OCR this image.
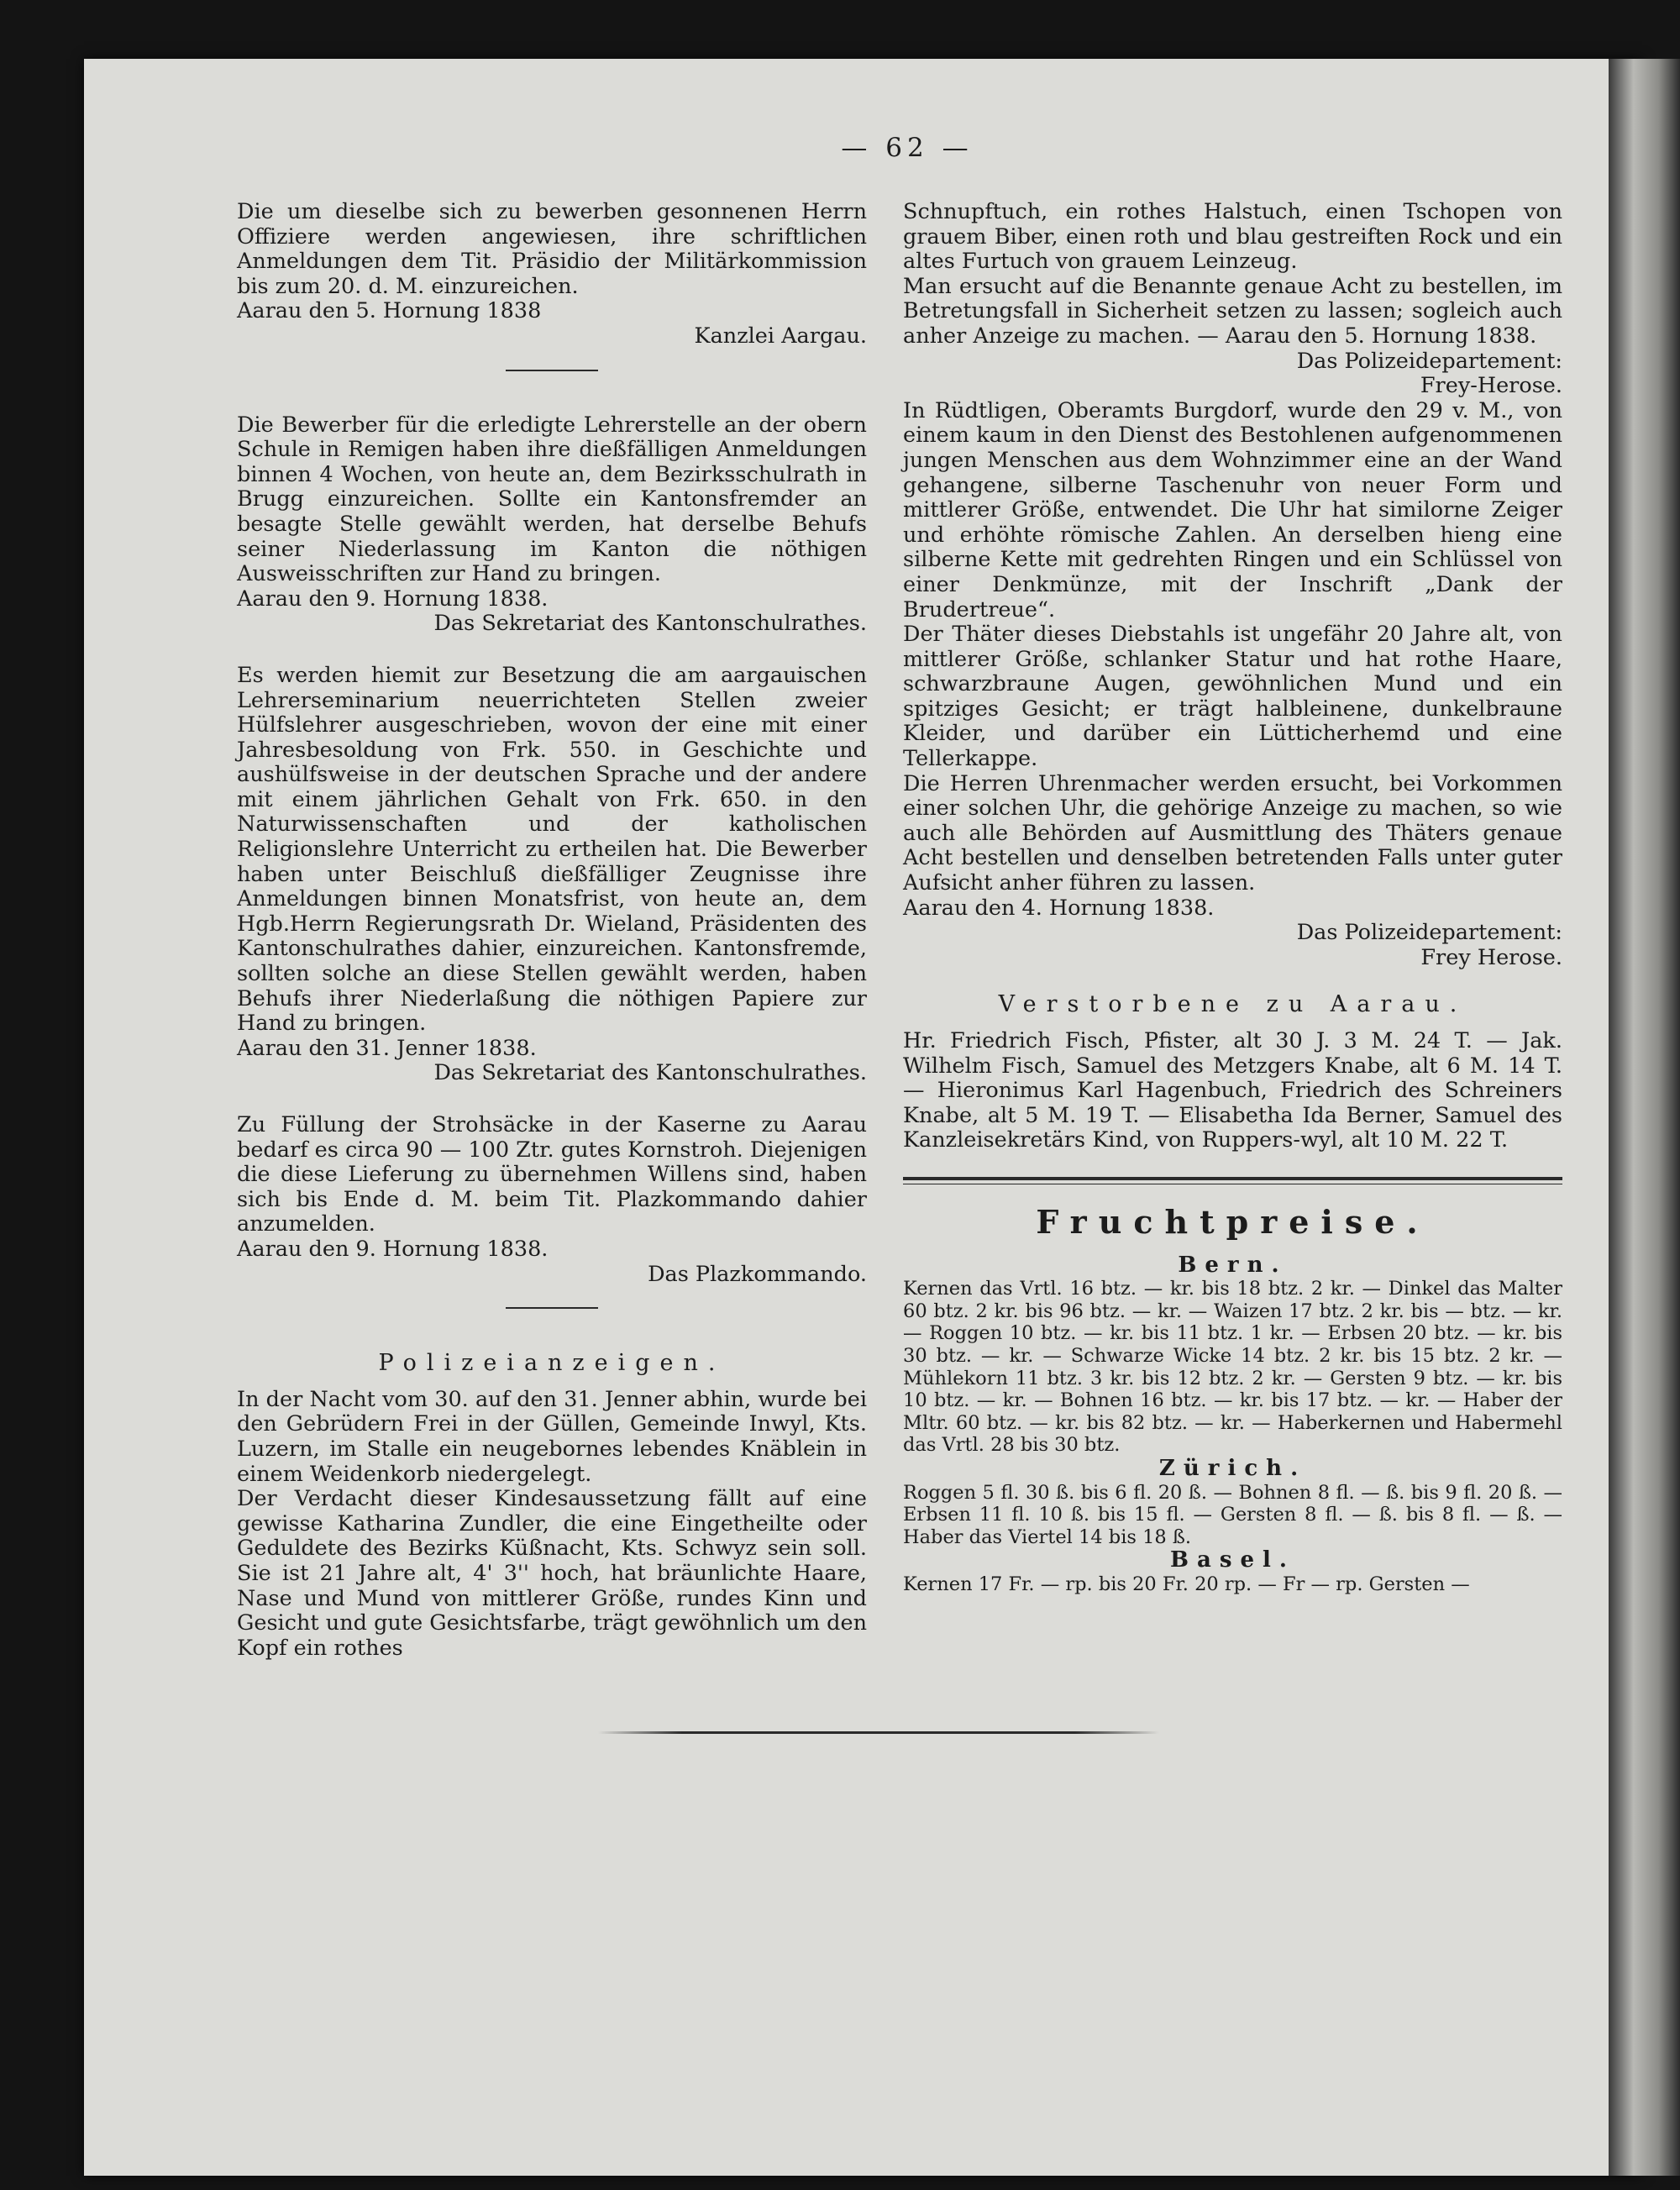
— 62 —

Die um dieselbe sich zu bewerben gesonnenen Herrn Offiziere werden angewiesen, ihre schriftlichen Anmeldungen dem Tit. Präsidio der Militärkommission bis zum 20. d. M. einzureichen.

Aarau den 5. Hornung 1838

Kanzlei Aargau.

Die Bewerber für die erledigte Lehrerstelle an der obern Schule in Remigen haben ihre dießfälligen Anmeldungen binnen 4 Wochen, von heute an, dem Bezirksschulrath in Brugg einzureichen. Sollte ein Kantonsfremder an besagte Stelle gewählt werden, hat derselbe Behufs seiner Niederlassung im Kanton die nöthigen Ausweisschriften zur Hand zu bringen.

Aarau den 9. Hornung 1838.

Das Sekretariat des Kantonschulrathes.

Es werden hiemit zur Besetzung die am aargauischen Lehrerseminarium neuerrichteten Stellen zweier Hülfslehrer ausgeschrieben, wovon der eine mit einer Jahresbesoldung von Frk. 550. in Geschichte und aushülfsweise in der deutschen Sprache und der andere mit einem jährlichen Gehalt von Frk. 650. in den Naturwissenschaften und der katholischen Religionslehre Unterricht zu ertheilen hat. Die Bewerber haben unter Beischluß dießfälliger Zeugnisse ihre Anmeldungen binnen Monatsfrist, von heute an, dem Hgb.Herrn Regierungsrath Dr. Wieland, Präsidenten des Kantonschulrathes dahier, einzureichen. Kantonsfremde, sollten solche an diese Stellen gewählt werden, haben Behufs ihrer Niederlaßung die nöthigen Papiere zur Hand zu bringen.

Aarau den 31. Jenner 1838.

Das Sekretariat des Kantonschulrathes.

Zu Füllung der Strohsäcke in der Kaserne zu Aarau bedarf es circa 90 — 100 Ztr. gutes Kornstroh. Diejenigen die diese Lieferung zu übernehmen Willens sind, haben sich bis Ende d. M. beim Tit. Plazkommando dahier anzumelden.

Aarau den 9. Hornung 1838.

Das Plazkommando.

Polizeianzeigen.

In der Nacht vom 30. auf den 31. Jenner abhin, wurde bei den Gebrüdern Frei in der Güllen, Gemeinde Inwyl, Kts. Luzern, im Stalle ein neugebornes lebendes Knäblein in einem Weidenkorb niedergelegt.

Der Verdacht dieser Kindesaussetzung fällt auf eine gewisse Katharina Zundler, die eine Eingetheilte oder Geduldete des Bezirks Küßnacht, Kts. Schwyz sein soll. Sie ist 21 Jahre alt, 4' 3'' hoch, hat bräunlichte Haare, Nase und Mund von mittlerer Größe, rundes Kinn und Gesicht und gute Gesichtsfarbe, trägt gewöhnlich um den Kopf ein rothes

Schnupftuch, ein rothes Halstuch, einen Tschopen von grauem Biber, einen roth und blau gestreiften Rock und ein altes Furtuch von grauem Leinzeug.

Man ersucht auf die Benannte genaue Acht zu bestellen, im Betretungsfall in Sicherheit setzen zu lassen; sogleich auch anher Anzeige zu machen. — Aarau den 5. Hornung 1838.

Das Polizeidepartement:

Frey-Herose.

In Rüdtligen, Oberamts Burgdorf, wurde den 29 v. M., von einem kaum in den Dienst des Bestohlenen aufgenommenen jungen Menschen aus dem Wohnzimmer eine an der Wand gehangene, silberne Taschenuhr von neuer Form und mittlerer Größe, entwendet. Die Uhr hat similorne Zeiger und erhöhte römische Zahlen. An derselben hieng eine silberne Kette mit gedrehten Ringen und ein Schlüssel von einer Denkmünze, mit der Inschrift „Dank der Brudertreue“.

Der Thäter dieses Diebstahls ist ungefähr 20 Jahre alt, von mittlerer Größe, schlanker Statur und hat rothe Haare, schwarzbraune Augen, gewöhnlichen Mund und ein spitziges Gesicht; er trägt halbleinene, dunkelbraune Kleider, und darüber ein Lütticherhemd und eine Tellerkappe.

Die Herren Uhrenmacher werden ersucht, bei Vorkommen einer solchen Uhr, die gehörige Anzeige zu machen, so wie auch alle Behörden auf Ausmittlung des Thäters genaue Acht bestellen und denselben betretenden Falls unter guter Aufsicht anher führen zu lassen.

Aarau den 4. Hornung 1838.

Das Polizeidepartement:

Frey Herose.

Verstorbene zu Aarau.

Hr. Friedrich Fisch, Pfister, alt 30 J. 3 M. 24 T. — Jak. Wilhelm Fisch, Samuel des Metzgers Knabe, alt 6 M. 14 T. — Hieronimus Karl Hagenbuch, Friedrich des Schreiners Knabe, alt 5 M. 19 T. — Elisabetha Ida Berner, Samuel des Kanzleisekretärs Kind, von Ruppers-wyl, alt 10 M. 22 T.

Fruchtpreise.
Bern.

Kernen das Vrtl. 16 btz. — kr. bis 18 btz. 2 kr. — Dinkel das Malter 60 btz. 2 kr. bis 96 btz. — kr. — Waizen 17 btz. 2 kr. bis — btz. — kr. — Roggen 10 btz. — kr. bis 11 btz. 1 kr. — Erbsen 20 btz. — kr. bis 30 btz. — kr. — Schwarze Wicke 14 btz. 2 kr. bis 15 btz. 2 kr. — Mühlekorn 11 btz. 3 kr. bis 12 btz. 2 kr. — Gersten 9 btz. — kr. bis 10 btz. — kr. — Bohnen 16 btz. — kr. bis 17 btz. — kr. — Haber der Mltr. 60 btz. — kr. bis 82 btz. — kr. — Haberkernen und Habermehl das Vrtl. 28 bis 30 btz.

Zürich.

Roggen 5 fl. 30 ß. bis 6 fl. 20 ß. — Bohnen 8 fl. — ß. bis 9 fl. 20 ß. — Erbsen 11 fl. 10 ß. bis 15 fl. — Gersten 8 fl. — ß. bis 8 fl. — ß. — Haber das Viertel 14 bis 18 ß.

Basel.

Kernen 17 Fr. — rp. bis 20 Fr. 20 rp. — Fr — rp. Gersten —
